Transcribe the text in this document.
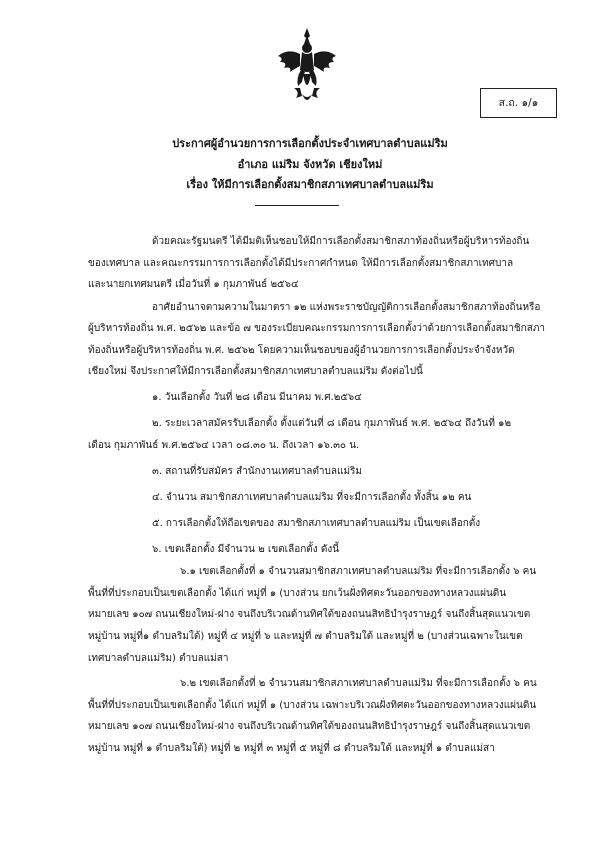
ส.ถ. ๑/๑
ประกาศผู้อำนวยการการเลือกตั้งประจำเทศบาลตำบลแม่ริม
อำเภอ แม่ริม จังหวัด เชียงใหม่
เรื่อง ให้มีการเลือกตั้งสมาชิกสภาเทศบาลตำบลแม่ริม
ด้วยคณะรัฐมนตรี ได้มีมติเห็นชอบให้มีการเลือกตั้งสมาชิกสภาท้องถิ่นหรือผู้บริหารท้องถิ่น
ของเทศบาล และคณะกรรมการการเลือกตั้งได้มีประกาศกำหนด ให้มีการเลือกตั้งสมาชิกสภาเทศบาล
และนายกเทศมนตรี เมื่อวันที่ ๑ กุมภาพันธ์ ๒๕๖๔
อาศัยอำนาจตามความในมาตรา ๑๒ แห่งพระราชบัญญัติการเลือกตั้งสมาชิกสภาท้องถิ่นหรือ
ผู้บริหารท้องถิ่น พ.ศ. ๒๕๖๒ และข้อ ๗ ของระเบียบคณะกรรมการการเลือกตั้งว่าด้วยการเลือกตั้งสมาชิกสภา
ท้องถิ่นหรือผู้บริหารท้องถิ่น พ.ศ. ๒๕๖๒ โดยความเห็นชอบของผู้อำนวยการการเลือกตั้งประจำจังหวัด
เชียงใหม่ จึงประกาศให้มีการเลือกตั้งสมาชิกสภาเทศบาลตำบลแม่ริม ดังต่อไปนี้
๑. วันเลือกตั้ง วันที่ ๒๘ เดือน มีนาคม พ.ศ.๒๕๖๔
๒. ระยะเวลาสมัครรับเลือกตั้ง ตั้งแต่วันที่ ๘ เดือน กุมภาพันธ์ พ.ศ. ๒๕๖๔ ถึงวันที่ ๑๒
เดือน กุมภาพันธ์ พ.ศ.๒๕๖๔ เวลา ๐๘.๓๐ น. ถึงเวลา ๑๖.๓๐ น.
๓. สถานที่รับสมัคร สำนักงานเทศบาลตำบลแม่ริม
๔. จำนวน สมาชิกสภาเทศบาลตำบลแม่ริม ที่จะมีการเลือกตั้ง ทั้งสิ้น ๑๒ คน
๕. การเลือกตั้งให้ถือเขตของ สมาชิกสภาเทศบาลตำบลแม่ริม เป็นเขตเลือกตั้ง
๖. เขตเลือกตั้ง มีจำนวน ๒ เขตเลือกตั้ง ดังนี้
๖.๑ เขตเลือกตั้งที่ ๑ จำนวนสมาชิกสภาเทศบาลตำบลแม่ริม ที่จะมีการเลือกตั้ง ๖ คน
พื้นที่ที่ประกอบเป็นเขตเลือกตั้ง ได้แก่ หมู่ที่ ๑ (บางส่วน ยกเว้นฝั่งทิศตะวันออกของทางหลวงแผ่นดิน
หมายเลข ๑๐๗ ถนนเชียงใหม่-ฝาง จนถึงบริเวณด้านทิศใต้ของถนนสิทธิบำรุงราษฎร์ จนถึงสิ้นสุดแนวเขต
หมู่บ้าน หมู่ที่๑ ตำบลริมใต้) หมู่ที่ ๔ หมู่ที่ ๖ และหมู่ที่ ๗ ตำบลริมใต้ และหมู่ที่ ๒ (บางส่วนเฉพาะในเขต
เทศบาลตำบลแม่ริม) ตำบลแม่สา
๖.๒ เขตเลือกตั้งที่ ๒ จำนวนสมาชิกสภาเทศบาลตำบลแม่ริม ที่จะมีการเลือกตั้ง ๖ คน
พื้นที่ที่ประกอบเป็นเขตเลือกตั้ง ได้แก่ หมู่ที่ ๑ (บางส่วน เฉพาะบริเวณฝั่งทิศตะวันออกของทางหลวงแผ่นดิน
หมายเลข ๑๐๗ ถนนเชียงใหม่-ฝาง จนถึงบริเวณด้านทิศใต้ของถนนสิทธิบำรุงราษฎร์ จนถึงสิ้นสุดแนวเขต
หมู่บ้าน หมู่ที่ ๑ ตำบลริมใต้) หมู่ที่ ๒ หมู่ที่ ๓ หมู่ที่ ๕ หมู่ที่ ๘ ตำบลริมใต้ และหมู่ที่ ๑ ตำบลแม่สา
